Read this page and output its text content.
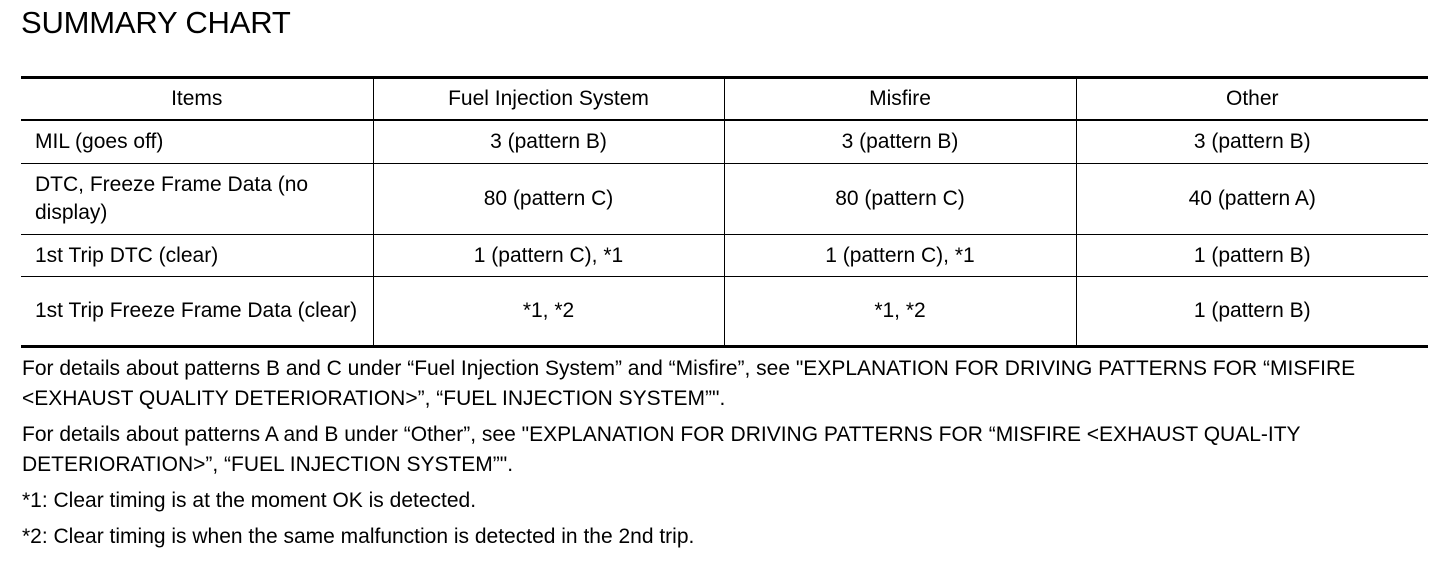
SUMMARY CHART
Items	Fuel Injection System	Misfire	Other
MIL (goes off)	3 (pattern B)	3 (pattern B)	3 (pattern B)
DTC, Freeze Frame Data (no display)	80 (pattern C)	80 (pattern C)	40 (pattern A)
1st Trip DTC (clear)	1 (pattern C), *1	1 (pattern C), *1	1 (pattern B)
1st Trip Freeze Frame Data (clear)	*1, *2	*1, *2	1 (pattern B)

For details about patterns B and C under “Fuel Injection System” and “Misfire”, see "EXPLANATION FOR DRIVING PATTERNS FOR “MISFIRE <EXHAUST QUALITY DETERIORATION>”, “FUEL INJECTION SYSTEM”".

For details about patterns A and B under “Other”, see "EXPLANATION FOR DRIVING PATTERNS FOR “MISFIRE <EXHAUST QUAL-ITY DETERIORATION>”, “FUEL INJECTION SYSTEM”".

*1: Clear timing is at the moment OK is detected.

*2: Clear timing is when the same malfunction is detected in the 2nd trip.
